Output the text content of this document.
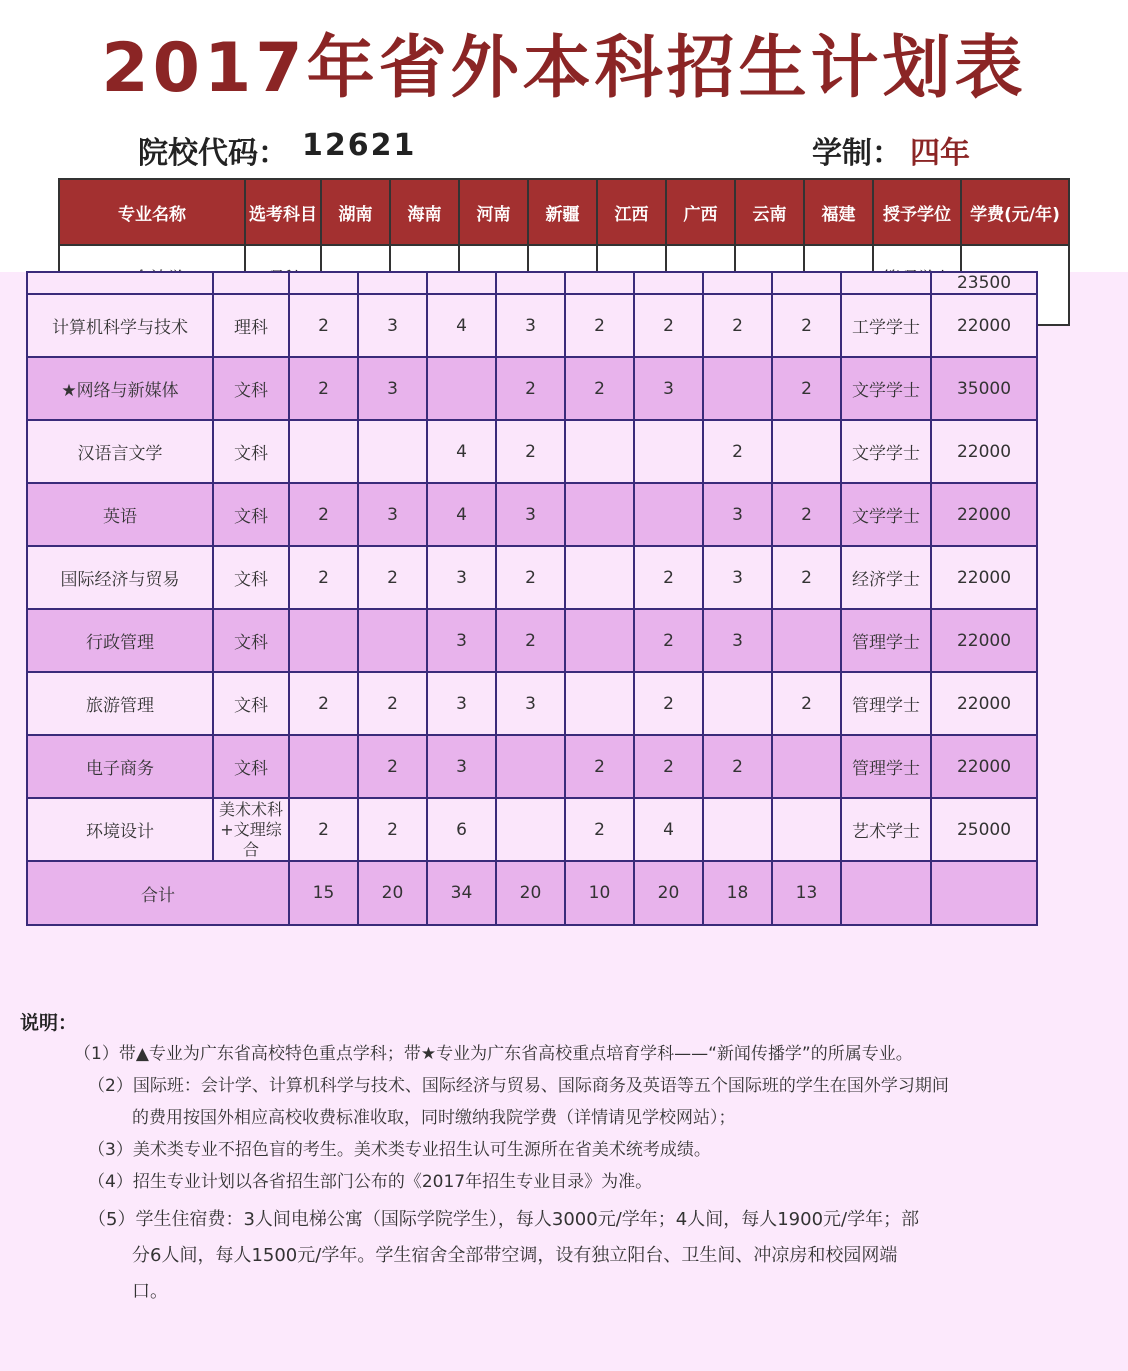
2017年省外本科招生计划表
院校代码： 12621	学制： 四年
专业名称	选考科目	湖南	海南	河南	新疆	江西	广西	云南	福建	授予学位	学费(元/年)

											23500
计算机科学与技术	理科	2	3	4	3	2	2	2	2	工学学士	22000
★网络与新媒体	文科	2	3		2	2	3		2	文学学士	35000
汉语言文学	文科			4	2			2		文学学士	22000
英语	文科	2	3	4	3			3	2	文学学士	22000
国际经济与贸易	文科	2	2	3	2		2	3	2	经济学士	22000
行政管理	文科			3	2		2	3		管理学士	22000
旅游管理	文科	2	2	3	3		2		2	管理学士	22000
电子商务	文科		2	3		2	2	2		管理学士	22000
环境设计	美术术科+文理综合	2	2	6		2	4			艺术学士	25000
合计		15	20	34	20	10	20	18	13		
说明：
（1）带▲专业为广东省高校特色重点学科；带★专业为广东省高校重点培育学科——“新闻传播学”的所属专业。
（2）国际班：会计学、计算机科学与技术、国际经济与贸易、国际商务及英语等五个国际班的学生在国外学习期间
的费用按国外相应高校收费标准收取，同时缴纳我院学费（详情请见学校网站）；
（3）美术类专业不招色盲的考生。美术类专业招生认可生源所在省美术统考成绩。
（4）招生专业计划以各省招生部门公布的《2017年招生专业目录》为准。
（5）学生住宿费：3人间电梯公寓（国际学院学生），每人3000元/学年；4人间，每人1900元/学年；部
分6人间，每人1500元/学年。学生宿舍全部带空调，设有独立阳台、卫生间、冲凉房和校园网端
口。
